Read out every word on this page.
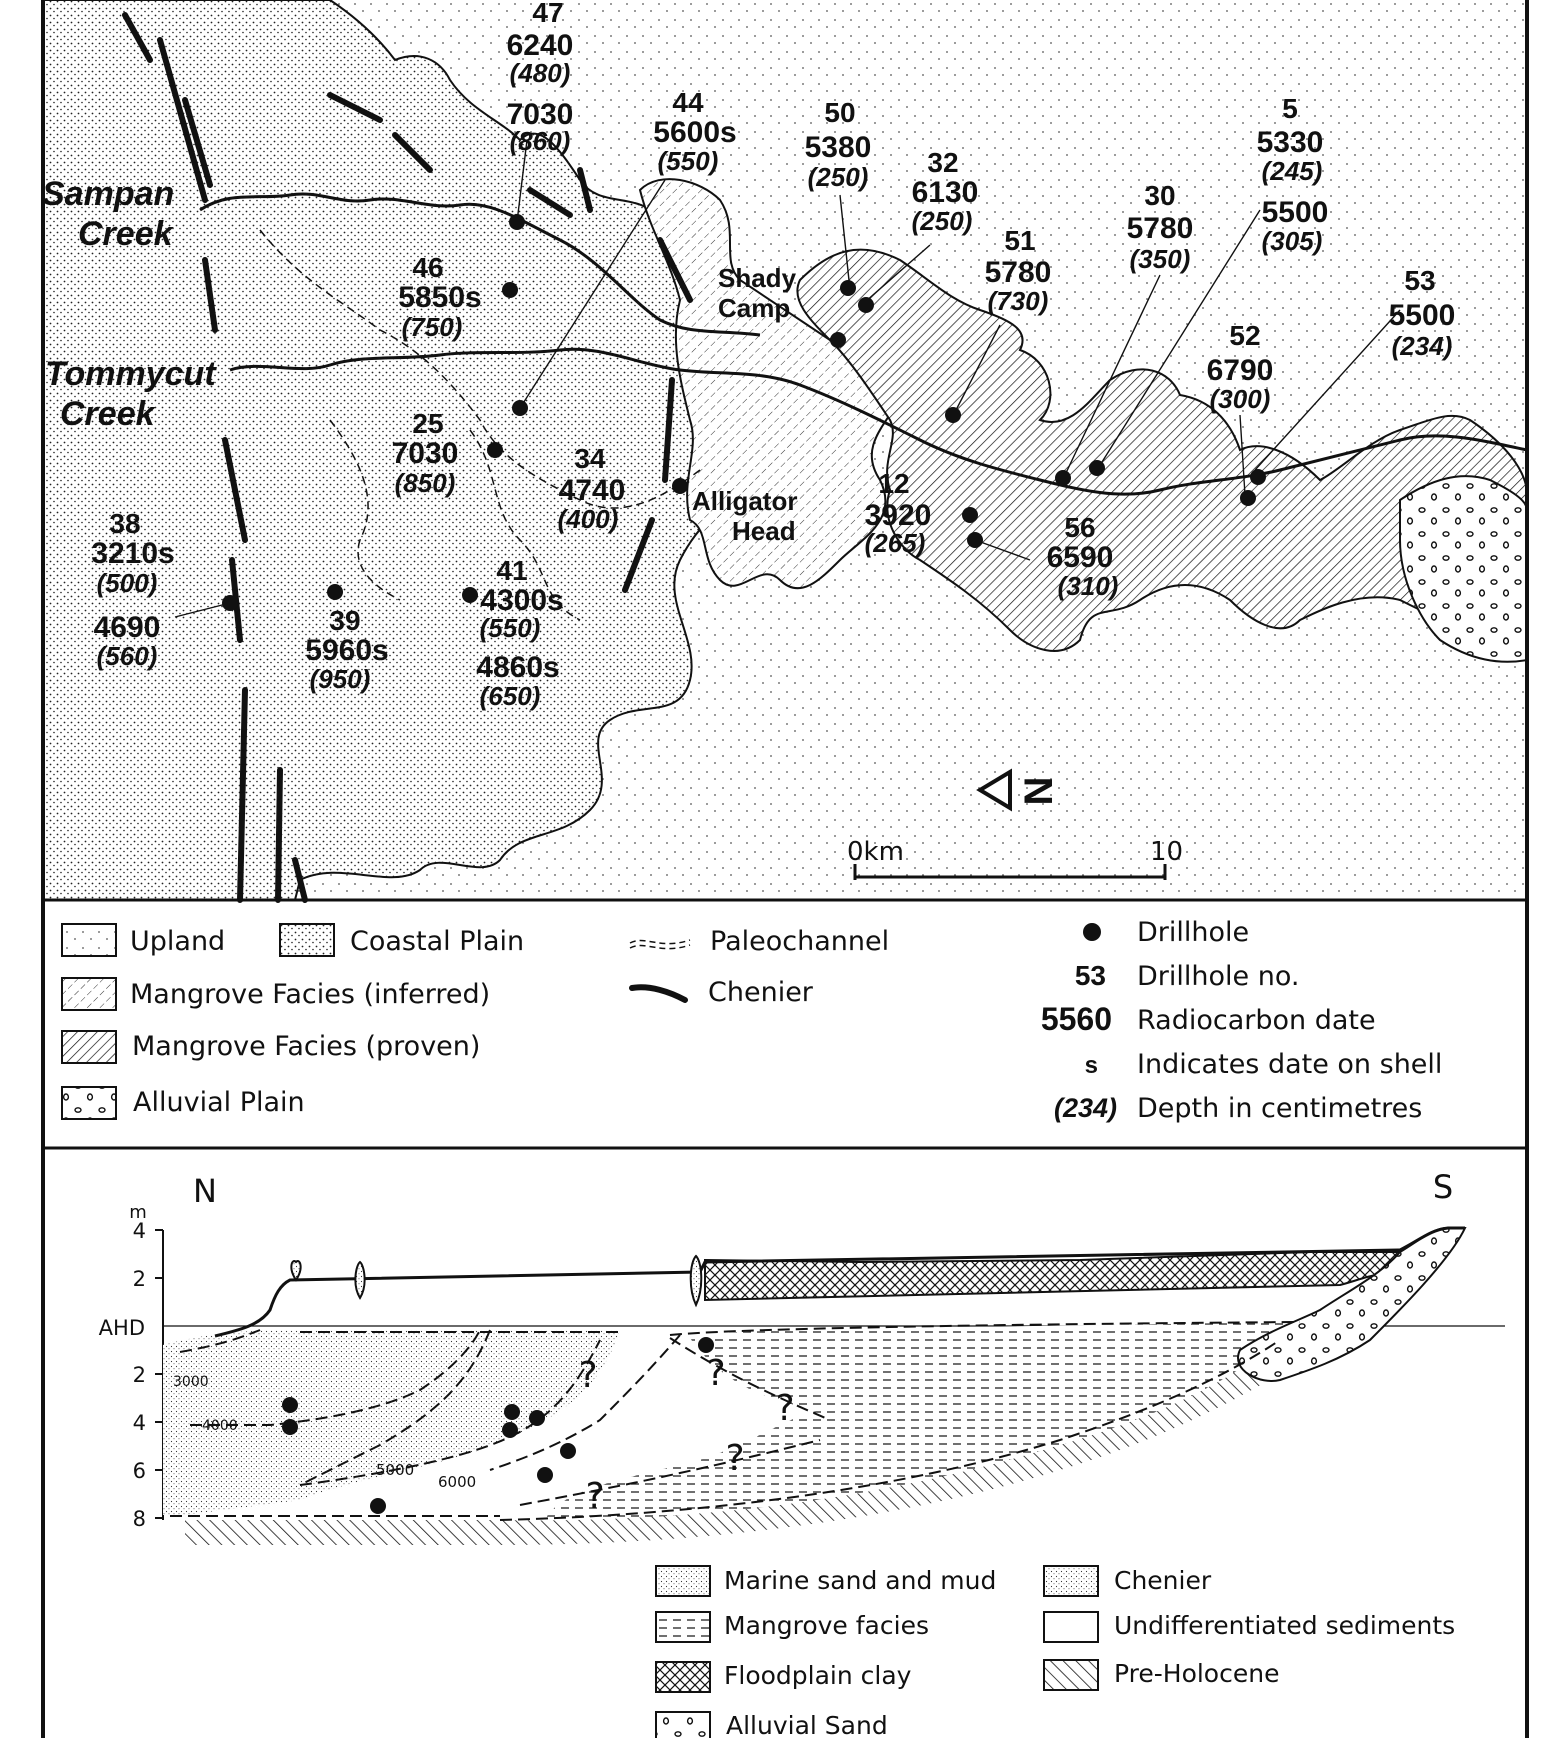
Sampan
Creek
Tommycut
Creek
Shady
Camp
Alligator
Head
47
6240
(480)
7030
(860)
44
5600s
(550)
50
5380
(250) 32
6130
(250)
5
5330
(245)
5500
(305)
30
5780
(350)
51
5780
(730)
53
5500
(234)
46
5850s
(750)	52
6790
(300)
25
7030
(850)
34
4740
(400)
12
3920
(265)	56
6590
(310)
38
3210s
(500)
4690
(560)
39
5960s
(950)
41
4300s
(550)
4860s
(650)
N
0km	10
Upland	Coastal Plain	Paleochannel
Mangrove Facies (inferred)	Chenier
Mangrove Facies (proven)
Alluvial Plain
Drillhole
53 Drillhole no.
5560 Radiocarbon date
s Indicates date on shell
(234) Depth in centimetres
N	S
m
4
2
AHD
2
4
6
8
3000
4000
5000
6000
?	?
?
?
?
Marine sand and mud	Chenier
Mangrove facies	Undifferentiated sediments
Floodplain clay	Pre-Holocene
Alluvial Sand
